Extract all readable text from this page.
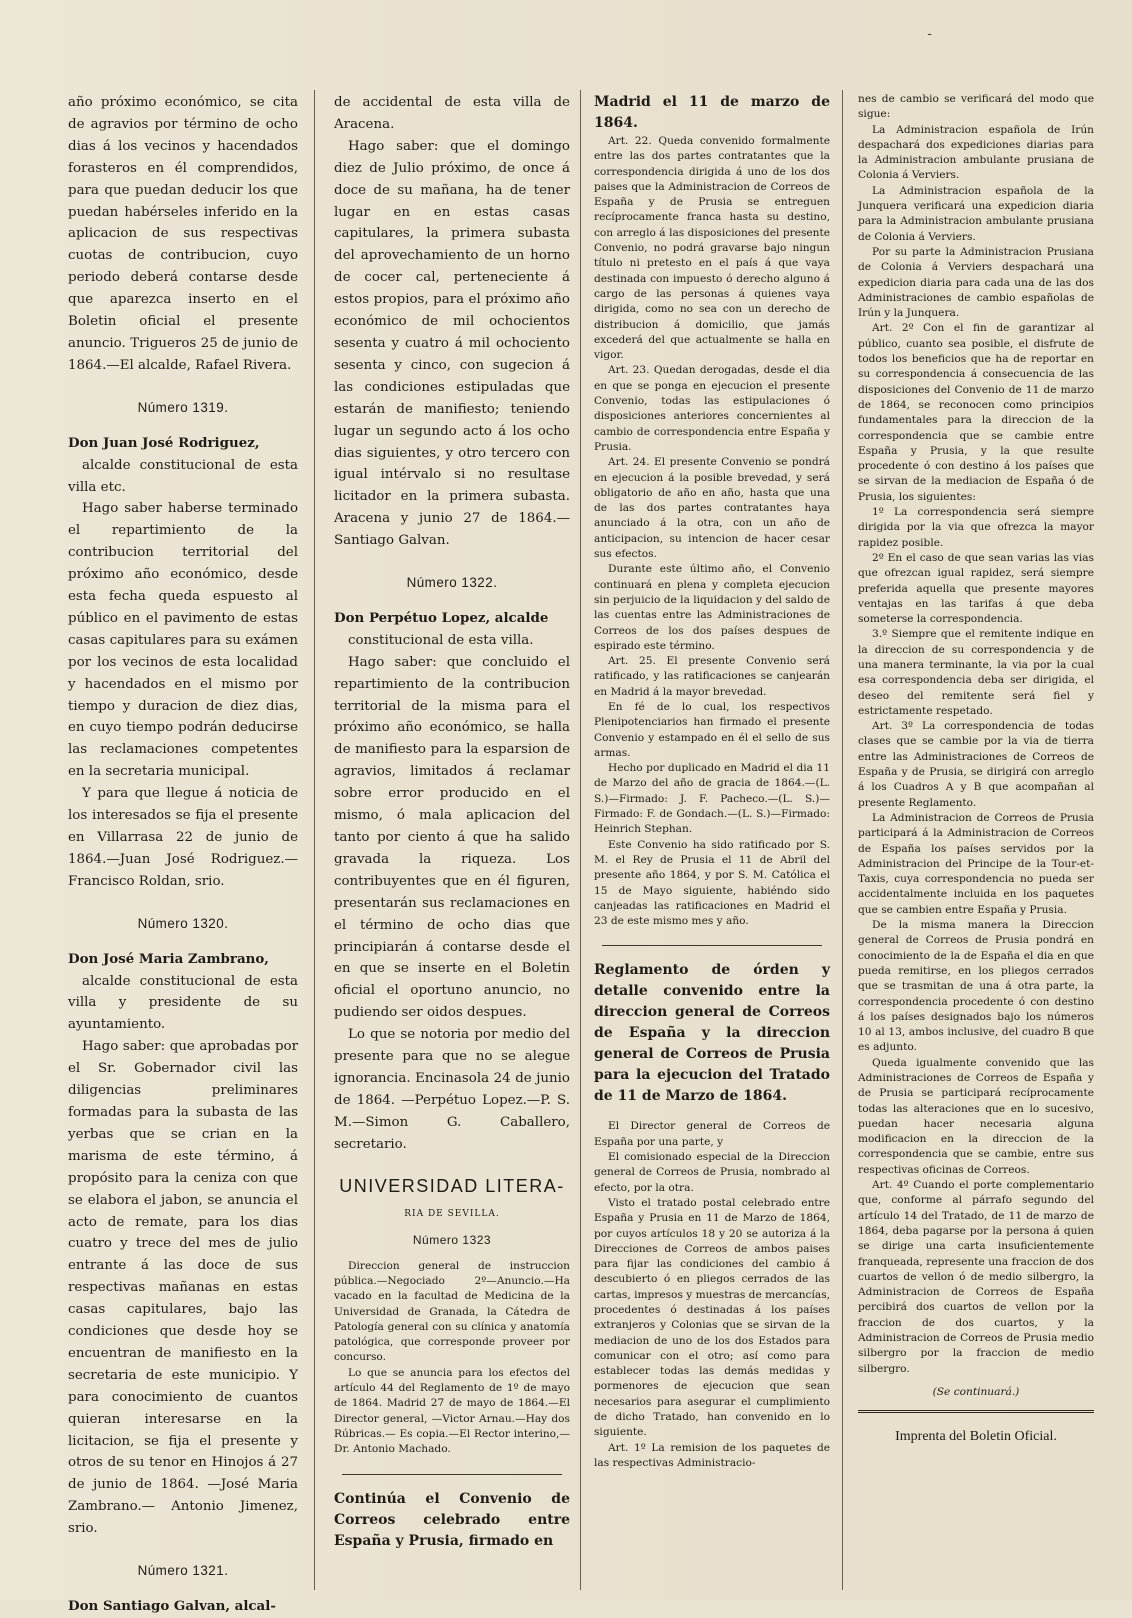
-

año próximo económico, se cita de agravios por término de ocho dias á los vecinos y hacendados forasteros en él comprendidos, para que puedan deducir los que puedan habérseles inferido en la aplicacion de sus respectivas cuotas de contribucion, cuyo periodo deberá contarse desde que aparezca inserto en el Boletin oficial el presente anuncio. Trigueros 25 de junio de 1864.—El alcalde, Rafael Rivera.

Número 1319.

Don Juan José Rodriguez,

alcalde constitucional de esta villa etc.

Hago saber haberse terminado el repartimiento de la contribucion territorial del próximo año económico, desde esta fecha queda espuesto al público en el pavimento de estas casas capitulares para su exámen por los vecinos de esta localidad y hacendados en el mismo por tiempo y duracion de diez dias, en cuyo tiempo podrán deducirse las reclamaciones competentes en la secretaria municipal.

Y para que llegue á noticia de los interesados se fija el presente en Villarrasa 22 de junio de 1864.—Juan José Rodriguez.—Francisco Roldan, srio.

Número 1320.

Don José Maria Zambrano,

alcalde constitucional de esta villa y presidente de su ayuntamiento.

Hago saber: que aprobadas por el Sr. Gobernador civil las diligencias preliminares formadas para la subasta de las yerbas que se crian en la marisma de este término, á propósito para la ceniza con que se elabora el jabon, se anuncia el acto de remate, para los dias cuatro y trece del mes de julio entrante á las doce de sus respectivas mañanas en estas casas capitulares, bajo las condiciones que desde hoy se encuentran de manifiesto en la secretaria de este municipio. Y para conocimiento de cuantos quieran interesarse en la licitacion, se fija el presente y otros de su tenor en Hinojos á 27 de junio de 1864. —José Maria Zambrano.— Antonio Jimenez, srio.

Número 1321.

Don Santiago Galvan, alcal-

de accidental de esta villa de Aracena.

Hago saber: que el domingo diez de Julio próximo, de once á doce de su mañana, ha de tener lugar en en estas casas capitulares, la primera subasta del aprovechamiento de un horno de cocer cal, perteneciente á estos propios, para el próximo año económico de mil ochocientos sesenta y cuatro á mil ochociento sesenta y cinco, con sugecion á las condiciones estipuladas que estarán de manifiesto; teniendo lugar un segundo acto á los ocho dias siguientes, y otro tercero con igual intérvalo si no resultase licitador en la primera subasta. Aracena y junio 27 de 1864.—Santiago Galvan.

Número 1322.

Don Perpétuo Lopez, alcalde

constitucional de esta villa.

Hago saber: que concluido el repartimiento de la contribucion territorial de la misma para el próximo año económico, se halla de manifiesto para la esparsion de agravios, limitados á reclamar sobre error producido en el mismo, ó mala aplicacion del tanto por ciento á que ha salido gravada la riqueza. Los contribuyentes que en él figuren, presentarán sus reclamaciones en el término de ocho dias que principiarán á contarse desde el en que se inserte en el Boletin oficial el oportuno anuncio, no pudiendo ser oidos despues.

Lo que se notoria por medio del presente para que no se alegue ignorancia. Encinasola 24 de junio de 1864. —Perpétuo Lopez.—P. S. M.—Simon G. Caballero, secretario.

UNIVERSIDAD LITERA-

RIA DE SEVILLA.

Número 1323

Direccion general de instruccion pública.—Negociado 2º—Anuncio.—Ha vacado en la facultad de Medicina de la Universidad de Granada, la Cátedra de Patología general con su clínica y anatomía patológica, que corresponde proveer por concurso.

Lo que se anuncia para los efectos del artículo 44 del Reglamento de 1º de mayo de 1864. Madrid 27 de mayo de 1864.—El Director general, —Victor Arnau.—Hay dos Rúbricas.— Es copia.—El Rector interino,—Dr. Antonio Machado.

Continúa el Convenio de Correos celebrado entre España y Prusia, firmado en

Madrid el 11 de marzo de 1864.

Art. 22. Queda convenido formalmente entre las dos partes contratantes que la correspondencia dirigida á uno de los dos paises que la Administracion de Correos de España y de Prusia se entreguen recíprocamente franca hasta su destino, con arreglo á las disposiciones del presente Convenio, no podrá gravarse bajo ningun título ni pretesto en el país á que vaya destinada con impuesto ó derecho alguno á cargo de las personas á quienes vaya dirigida, como no sea con un derecho de distribucion á domicilio, que jamás excederá del que actualmente se halla en vigor.

Art. 23. Quedan derogadas, desde el dia en que se ponga en ejecucion el presente Convenio, todas las estipulaciones ó disposiciones anteriores concernientes al cambio de correspondencia entre España y Prusia.

Art. 24. El presente Convenio se pondrá en ejecucion á la posible brevedad, y será obligatorio de año en año, hasta que una de las dos partes contratantes haya anunciado á la otra, con un año de anticipacion, su intencion de hacer cesar sus efectos.

Durante este último año, el Convenio continuará en plena y completa ejecucion sin perjuicio de la liquidacion y del saldo de las cuentas entre las Administraciones de Correos de los dos países despues de espirado este término.

Art. 25. El presente Convenio será ratificado, y las ratificaciones se canjearán en Madrid á la mayor brevedad.

En fé de lo cual, los respectivos Plenipotenciarios han firmado el presente Convenio y estampado en él el sello de sus armas.

Hecho por duplicado en Madrid el dia 11 de Marzo del año de gracia de 1864.—(L. S.)—Firmado: J. F. Pacheco.—(L. S.)—Firmado: F. de Gondach.—(L. S.)—Firmado: Heinrich Stephan.

Este Convenio ha sido ratificado por S. M. el Rey de Prusia el 11 de Abril del presente año 1864, y por S. M. Católica el 15 de Mayo siguiente, habiéndo sido canjeadas las ratificaciones en Madrid el 23 de este mismo mes y año.

Reglamento de órden y detalle convenido entre la direccion general de Correos de España y la direccion general de Correos de Prusia para la ejecucion del Tratado de 11 de Marzo de 1864.

El Director general de Correos de España por una parte, y

El comisionado especial de la Direccion general de Correos de Prusia, nombrado al efecto, por la otra.

Visto el tratado postal celebrado entre España y Prusia en 11 de Marzo de 1864, por cuyos artículos 18 y 20 se autoriza á la Direcciones de Correos de ambos paises para fijar las condiciones del cambio á descubierto ó en pliegos cerrados de las cartas, impresos y muestras de mercancías, procedentes ó destinadas á los países extranjeros y Colonias que se sirvan de la mediacion de uno de los dos Estados para comunicar con el otro; así como para establecer todas las demás medidas y pormenores de ejecucion que sean necesarios para asegurar el cumplimiento de dicho Tratado, han convenido en lo siguiente.

Art. 1º La remision de los paquetes de las respectivas Administracio-

nes de cambio se verificará del modo que sigue:

La Administracion española de Irún despachará dos expediciones diarias para la Administracion ambulante prusiana de Colonia á Verviers.

La Administracion española de la Junquera verificará una expedicion diaria para la Administracion ambulante prusiana de Colonia á Verviers.

Por su parte la Administracion Prusiana de Colonia á Verviers despachará una expedicion diaria para cada una de las dos Administraciones de cambio españolas de Irún y la Junquera.

Art. 2º Con el fin de garantizar al público, cuanto sea posible, el disfrute de todos los beneficios que ha de reportar en su correspondencia á consecuencia de las disposiciones del Convenio de 11 de marzo de 1864, se reconocen como principios fundamentales para la direccion de la correspondencia que se cambie entre España y Prusia, y la que resulte procedente ó con destino á los países que se sirvan de la mediacion de España ó de Prusia, los siguientes:

1º La correspondencia será siempre dirigida por la via que ofrezca la mayor rapidez posible.

2º En el caso de que sean varias las vias que ofrezcan igual rapidez, será siempre preferida aquella que presente mayores ventajas en las tarifas á que deba someterse la correspondencia.

3.º Siempre que el remitente indique en la direccion de su correspondencia y de una manera terminante, la via por la cual esa correspondencia deba ser dirigida, el deseo del remitente será fiel y estrictamente respetado.

Art. 3º La correspondencia de todas clases que se cambie por la via de tierra entre las Administraciones de Correos de España y de Prusia, se dirigirá con arreglo á los Cuadros A y B que acompañan al presente Reglamento.

La Administracion de Correos de Prusia participará á la Administracion de Correos de España los países servidos por la Administracion del Principe de la Tour-et-Taxis, cuya correspondencia no pueda ser accidentalmente incluida en los paquetes que se cambien entre España y Prusia.

De la misma manera la Direccion general de Correos de Prusia pondrá en conocimiento de la de España el dia en que pueda remitirse, en los pliegos cerrados que se trasmitan de una á otra parte, la correspondencia procedente ó con destino á los países designados bajo los números 10 al 13, ambos inclusive, del cuadro B que es adjunto.

Queda igualmente convenido que las Administraciones de Correos de España y de Prusia se participará recíprocamente todas las alteraciones que en lo sucesivo, puedan hacer necesaria alguna modificacion en la direccion de la correspondencia que se cambie, entre sus respectivas oficinas de Correos.

Art. 4º Cuando el porte complementario que, conforme al párrafo segundo del artículo 14 del Tratado, de 11 de marzo de 1864, deba pagarse por la persona á quien se dirige una carta insuficientemente franqueada, represente una fraccion de dos cuartos de vellon ó de medio silbergro, la Administracion de Correos de España percibirá dos cuartos de vellon por la fraccion de dos cuartos, y la Administracion de Correos de Prusia medio silbergro por la fraccion de medio silbergro.

(Se continuará.)

Imprenta del Boletin Oficial.
